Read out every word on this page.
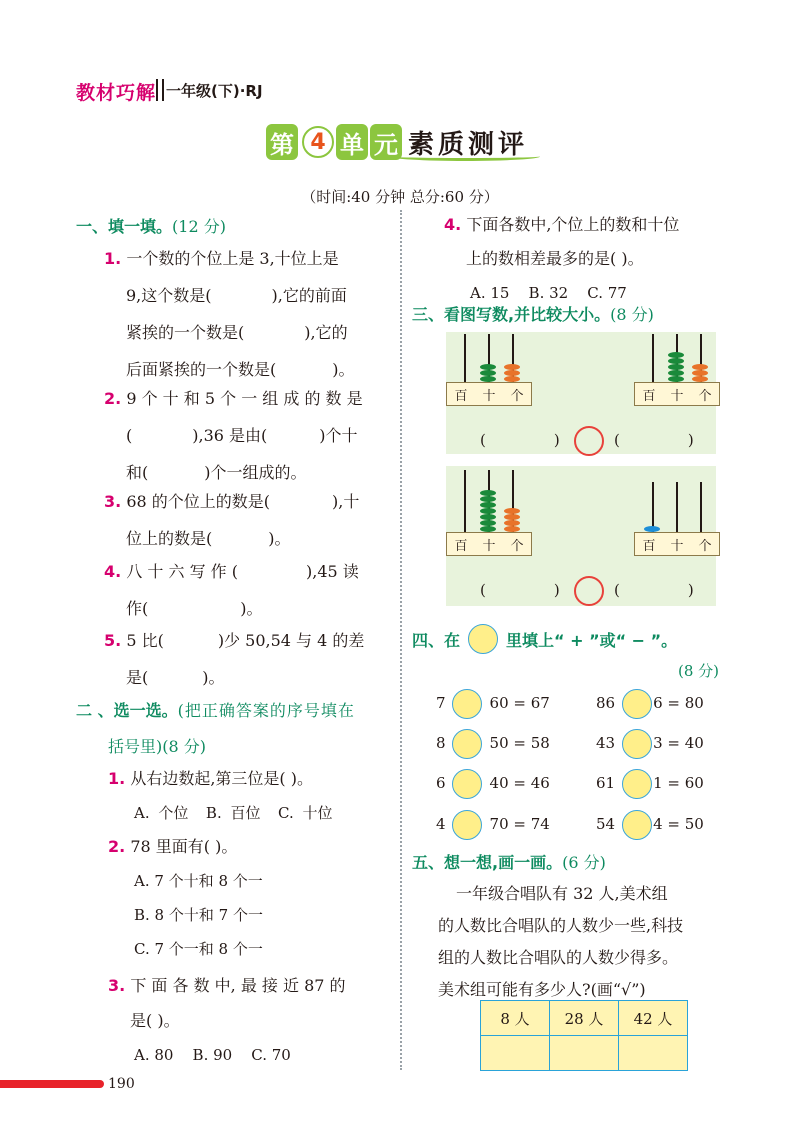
教材巧解 一年级(下)·RJ
第 4 单 元 素质测评
（时间:40 分钟 总分:60 分）
一、填一填。(12 分)
1. 一个数的个位上是 3,十位上是
9,这个数是(	),它的前面
紧挨的一个数是(	),它的
后面紧挨的一个数是(	)。
2. 9 个 十 和 5 个 一 组 成 的 数 是
(	),36 是由(	)个十
和(	)个一组成的。
3. 68 的个位上的数是(	),十
位上的数是(	)。
4. 八 十 六 写 作 (	),45 读
作(	)。
5. 5 比(	)少 50,54 与 4 的差
是(	)。
二 、选一选。(把正确答案的序号填在
括号里)(8 分)
1. 从右边数起,第三位是( )。
A. 个位 B. 百位 C. 十位
2. 78 里面有( )。
A. 7 个十和 8 个一
B. 8 个十和 7 个一
C. 7 个一和 8 个一
3. 下 面 各 数 中, 最 接 近 87 的
是( )。
A. 80 B. 90 C. 70
4. 下面各数中,个位上的数和十位
上的数相差最多的是( )。
A. 15 B. 32 C. 77
三、看图写数,并比较大小。(8 分)
百 十 个	百 十 个
(	)	(	)
百 十 个	百 十 个
(	)	(	)
四、在	里填上“ + ”或“ − ”。
(8 分)
7	60 = 67	86	6 = 80
8	50 = 58	43	3 = 40
6	40 = 46	61	1 = 60
4	70 = 74	54	4 = 50
五、想一想,画一画。(6 分)
一年级合唱队有 32 人,美术组
的人数比合唱队的人数少一些,科技
组的人数比合唱队的人数少得多。
美术组可能有多少人?(画“√”)
8 人	28 人	42 人

190
